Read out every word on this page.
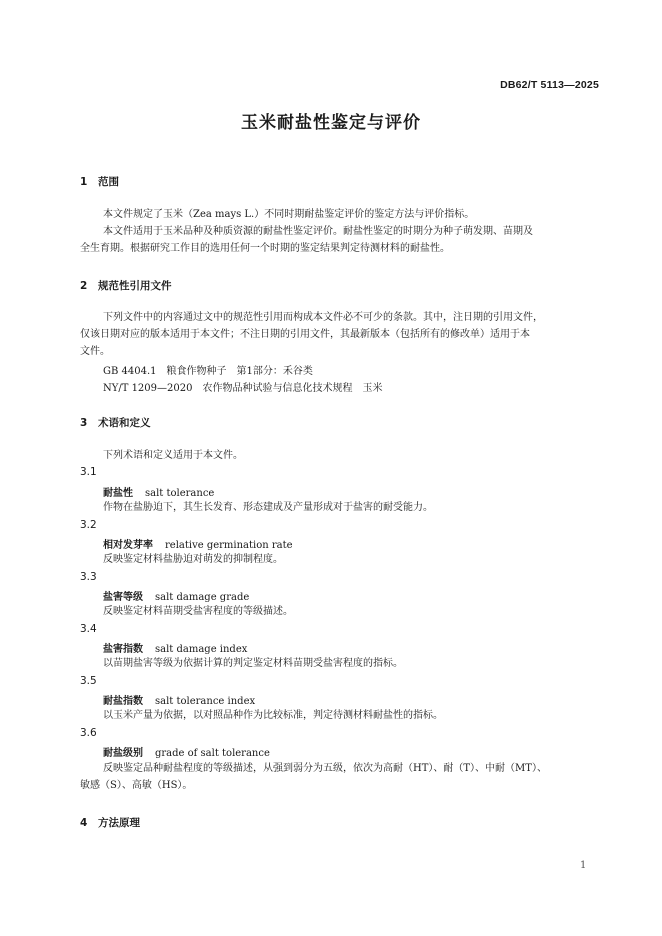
DB62/T 5113—2025
玉米耐盐性鉴定与评价
1 范围
本文件规定了玉米（Zea mays L.）不同时期耐盐鉴定评价的鉴定方法与评价指标。
本文件适用于玉米品种及种质资源的耐盐性鉴定评价。耐盐性鉴定的时期分为种子萌发期、苗期及
全生育期。根据研究工作目的选用任何一个时期的鉴定结果判定待测材料的耐盐性。
2 规范性引用文件
下列文件中的内容通过文中的规范性引用而构成本文件必不可少的条款。其中，注日期的引用文件，
仅该日期对应的版本适用于本文件；不注日期的引用文件，其最新版本（包括所有的修改单）适用于本
文件。
GB 4404.1　粮食作物种子　第1部分：禾谷类
NY/T 1209—2020　农作物品种试验与信息化技术规程　玉米
3 术语和定义
下列术语和定义适用于本文件。
3.1
耐盐性 salt tolerance
作物在盐胁迫下，其生长发育、形态建成及产量形成对于盐害的耐受能力。
3.2
相对发芽率 relative germination rate
反映鉴定材料盐胁迫对萌发的抑制程度。
3.3
盐害等级 salt damage grade
反映鉴定材料苗期受盐害程度的等级描述。
3.4
盐害指数 salt damage index
以苗期盐害等级为依据计算的判定鉴定材料苗期受盐害程度的指标。
3.5
耐盐指数 salt tolerance index
以玉米产量为依据，以对照品种作为比较标准，判定待测材料耐盐性的指标。
3.6
耐盐级别 grade of salt tolerance
反映鉴定品种耐盐程度的等级描述，从强到弱分为五级，依次为高耐（HT）、耐（T）、中耐（MT）、
敏感（S）、高敏（HS）。
4 方法原理
1
